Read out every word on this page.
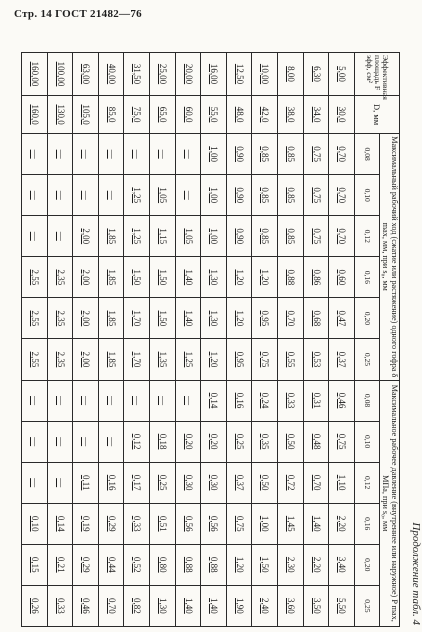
Стр. 14 ГОСТ 21482—76
Продолжение табл. 4
Эффективная площадь F эфф, см²	D, мм	Максимальный рабочий ход (сжатие или растяжение) одного гофра δ max, мм, при s₀, мм						Максимальное рабочее давление (внутреннее или наружное) P max, МПа, при s₀, мм					
		0,08	0,10	0,12	0,16	0,20	0,25	0,08	0,10	0,12	0,16	0,20	0,25
5,00	30,0	0,70	0,70	0,70	0,60	0,47	0,37	0,46	0,75	1,10	2,20	3,40	5,50
6,30	34,0	0,75	0,75	0,75	0,86	0,68	0,53	0,31	0,48	0,70	1,40	2,20	3,50
8,00	38,0	0,85	0,85	0,85	0,88	0,70	0,55	0,33	0,50	0,72	1,45	2,30	3,60
10,00	42,0	0,85	0,85	0,85	1,20	0,95	0,75	0,24	0,35	0,50	1,00	1,50	2,40
12,50	48,0	0,90	0,90	0,90	1,20	1,20	0,95	0,16	0,25	0,37	0,75	1,20	1,90
16,00	55,0	1,00	1,00	1,00	1,30	1,30	1,20	0,14	0,20	0,30	0,56	0,88	1,40
20,00	60,0	—	—	1,05	1,40	1,40	1,25	—	0,20	0,30	0,56	0,88	1,40
25,00	65,0	—	1,05	1,15	1,50	1,50	1,35	—	0,18	0,25	0,51	0,80	1,30
31,50	75,0	—	1,25	1,25	1,50	1,70	1,70	—	0,12	0,17	0,33	0,52	0,82
40,00	85,0	—	—	1,85	1,85	1,85	1,85	—	—	0,16	0,29	0,44	0,70
63,00	105,0	—	—	2,00	2,00	2,00	2,00	—	—	0,11	0,19	0,29	0,46
100,00	130,0	—	—	—	2,35	2,35	2,35	—	—	—	0,14	0,21	0,33
160,00	160,0	—	—	—	2,55	2,55	2,55	—	—	—	0,10	0,15	0,26
